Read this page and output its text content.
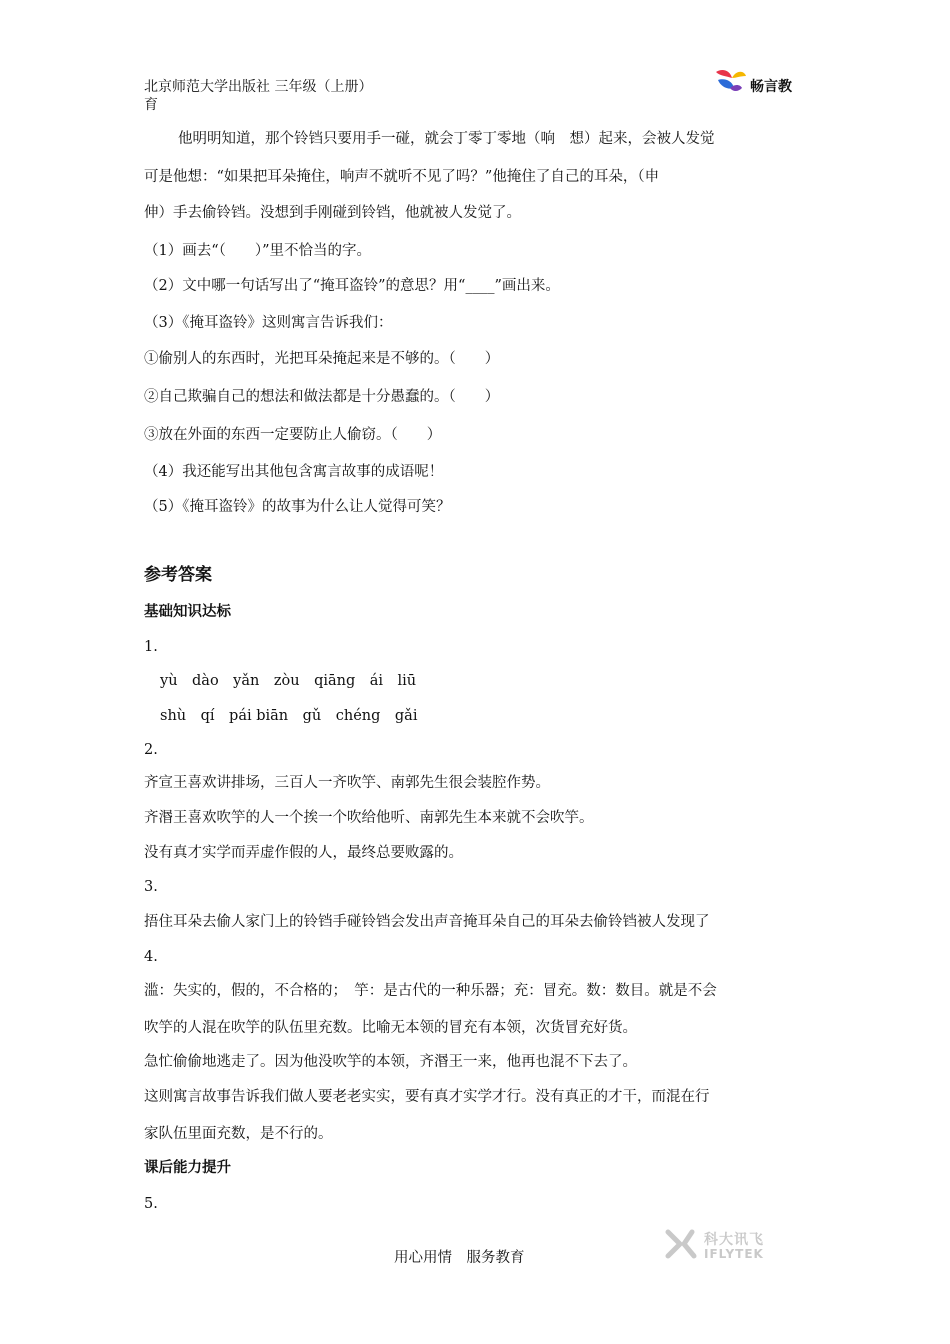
北京师范大学出版社 三年级（上册）
育
畅言教
他明明知道，那个铃铛只要用手一碰，就会丁零丁零地（响　想）起来，会被人发觉
可是他想：“如果把耳朵掩住，响声不就听不见了吗？”他掩住了自己的耳朵，（申
伸）手去偷铃铛。没想到手刚碰到铃铛，他就被人发觉了。
（1）画去“（　　）”里不恰当的字。
（2）文中哪一句话写出了“掩耳盗铃”的意思？用“____”画出来。
（3）《掩耳盗铃》这则寓言告诉我们：
①偷别人的东西时，光把耳朵掩起来是不够的。（　　）
②自己欺骗自己的想法和做法都是十分愚蠢的。（　　）
③放在外面的东西一定要防止人偷窃。（　　）
（4）我还能写出其他包含寓言故事的成语呢！
（5）《掩耳盗铃》的故事为什么让人觉得可笑？
参考答案
基础知识达标
1.
yù　dào　yǎn　zòu　qiāng　ái　liū
shù　qí　pái biān　gǔ　chéng　gǎi
2.
齐宣王喜欢讲排场，三百人一齐吹竽、南郭先生很会装腔作势。
齐湣王喜欢吹竽的人一个挨一个吹给他听、南郭先生本来就不会吹竽。
没有真才实学而弄虚作假的人，最终总要败露的。
3.
捂住耳朵去偷人家门上的铃铛手碰铃铛会发出声音掩耳朵自己的耳朵去偷铃铛被人发现了
4.
滥：失实的，假的，不合格的；　竽：是古代的一种乐器；充：冒充。数：数目。就是不会
吹竽的人混在吹竽的队伍里充数。比喻无本领的冒充有本领，次货冒充好货。
急忙偷偷地逃走了。因为他没吹竽的本领，齐湣王一来，他再也混不下去了。
这则寓言故事告诉我们做人要老老实实，要有真才实学才行。没有真正的才干，而混在行
家队伍里面充数，是不行的。
课后能力提升
5.
用心用情　服务教育
科大讯飞
IFLYTEK
